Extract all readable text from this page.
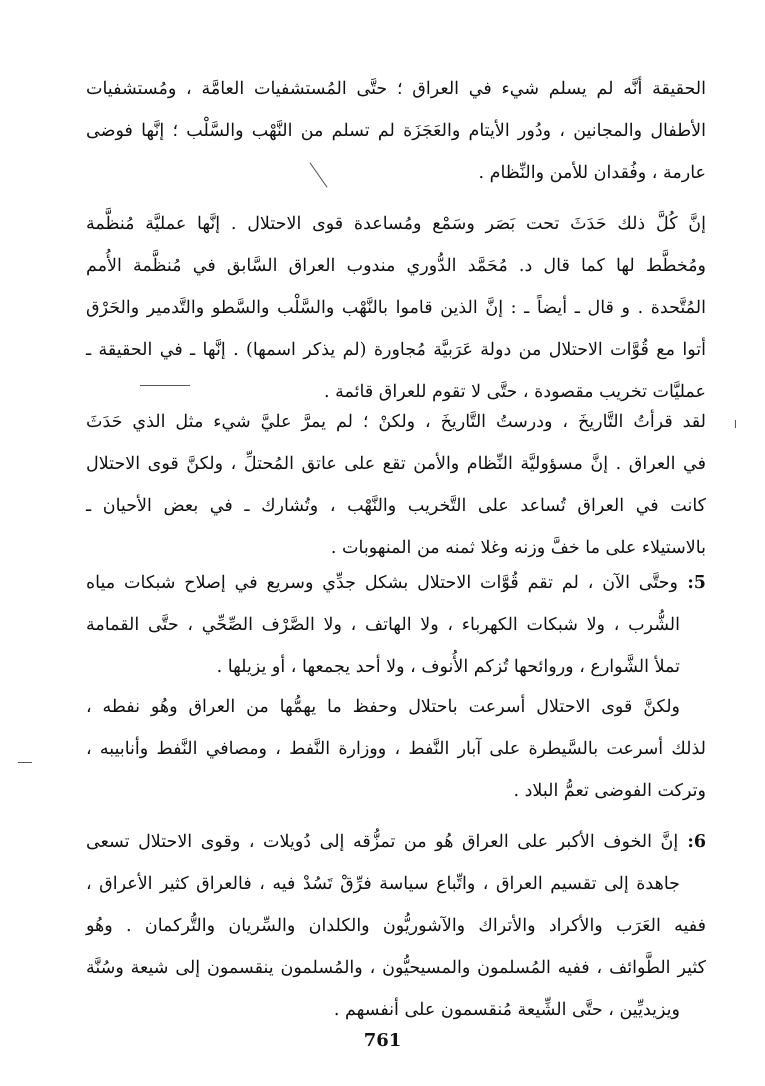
الحقيقة أنَّه لم يسلم شيء في العراق ؛ حتَّى المُستشفيات العامَّة ، ومُستشفيات
الأطفال والمجانين ، ودُور الأيتام والعَجَزَة لم تسلم من النَّهْب والسَّلْب ؛ إنَّها فوضى
عارمة ، وفُقدان للأمن والنِّظام .
إنَّ كُلَّ ذلك حَدَثَ تحت بَصَر وسَمْع ومُساعدة قوى الاحتلال . إنَّها عمليَّة مُنظَّمة
ومُخطَّط لها كما قال د. مُحَمَّد الدُّوري مندوب العراق السَّابق في مُنظَّمة الأُمم
المُتَّحدة . و قال ـ أيضاً ـ : إنَّ الذين قاموا بالنَّهْب والسَّلْب والسَّطو والتَّدمير والحَرْق
أتوا مع قُوَّات الاحتلال من دولة عَرَبيَّة مُجاورة (لم يذكر اسمها) . إنَّها ـ في الحقيقة ـ
عمليَّات تخريب مقصودة ، حتَّى لا تقوم للعراق قائمة .
لقد قرأتُ التَّاريخَ ، ودرستُ التَّاريخَ ، ولكنْ ؛ لم يمرَّ عليَّ شيء مثل الذي حَدَثَ
في العراق . إنَّ مسؤوليَّة النِّظام والأمن تقع على عاتق المُحتلِّ ، ولكنَّ قوى الاحتلال
كانت في العراق تُساعد على التَّخريب والنَّهْب ، وتُشارك ـ في بعض الأحيان ـ
بالاستيلاء على ما خفَّ وزنه وغلا ثمنه من المنهوبات .
5: وحتَّى الآن ، لم تقم قُوَّات الاحتلال بشكل جدِّي وسريع في إصلاح شبكات مياه
الشُّرب ، ولا شبكات الكهرباء ، ولا الهاتف ، ولا الصَّرْف الصِّحِّي ، حتَّى القمامة
تملأ الشَّوارع ، وروائحها تُزكم الأُنوف ، ولا أحد يجمعها ، أو يزيلها .
ولكنَّ قوى الاحتلال أسرعت باحتلال وحفظ ما يهمُّها من العراق وهُو نفطه ،
لذلك أسرعت بالسَّيطرة على آبار النَّفط ، ووزارة النَّفط ، ومصافي النَّفط وأنابيبه ،
وتركت الفوضى تعمُّ البلاد .
6: إنَّ الخوف الأكبر على العراق هُو من تمزُّقه إلى دُويلات ، وقوى الاحتلال تسعى
جاهدة إلى تقسيم العراق ، واتِّباع سياسة فرِّقْ تَسُدْ فيه ، فالعراق كثير الأعراق ،
ففيه العَرَب والأكراد والأتراك والآشوريُّون والكلدان والسِّريان والتُّركمان . وهُو
كثير الطَّوائف ، ففيه المُسلمون والمسيحيُّون ، والمُسلمون ينقسمون إلى شيعة وسُنَّة
ويزيديِّين ، حتَّى الشِّيعة مُنقسمون على أنفسهم .
761
